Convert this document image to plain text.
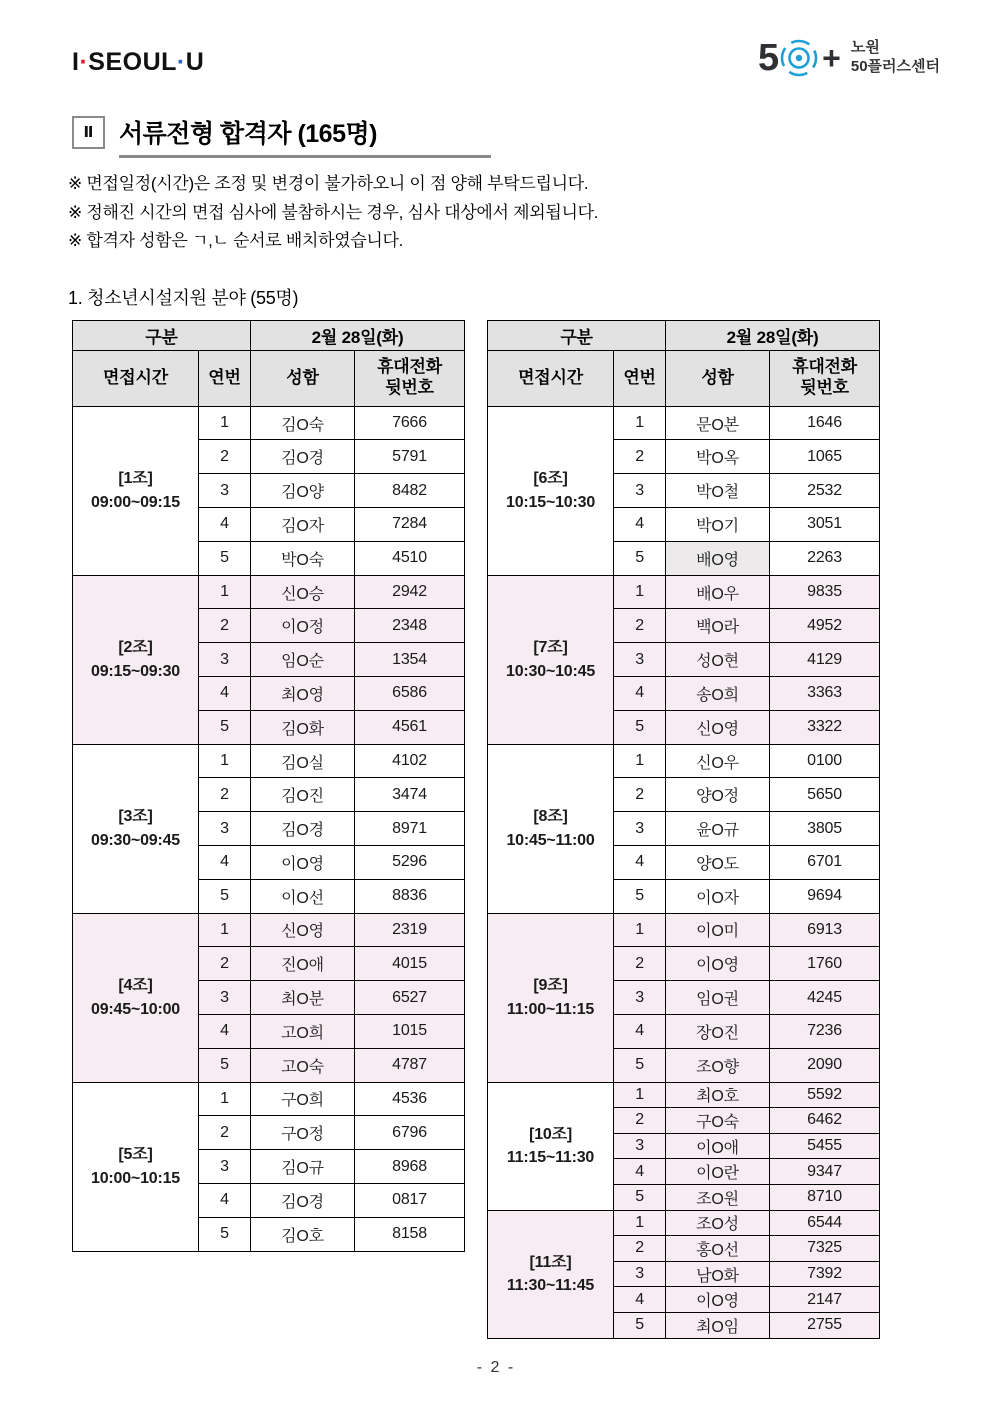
I·SEOUL·U	5 + 노원
50플러스센터
Ⅱ	서류전형 합격자 (165명)
※ 면접일정(시간)은 조정 및 변경이 불가하오니 이 점 양해 부탁드립니다.
※ 정해진 시간의 면접 심사에 불참하시는 경우, 심사 대상에서 제외됩니다.
※ 합격자 성함은 ㄱ,ㄴ 순서로 배치하였습니다.
1. 청소년시설지원 분야 (55명)
구분		2월 28일(화)	
면접시간	연번	성함	휴대전화
뒷번호

[1조]
09:00~09:15	1	김O숙	7666
	2	김O경	5791
	3	김O양	8482
	4	김O자	7284
	5	박O숙	4510

[2조]
09:15~09:30	1	신O승	2942
	2	이O정	2348
	3	임O순	1354
	4	최O영	6586
	5	김O화	4561

[3조]
09:30~09:45	1	김O실	4102
	2	김O진	3474
	3	김O경	8971
	4	이O영	5296
	5	이O선	8836

[4조]
09:45~10:00	1	신O영	2319
	2	진O애	4015
	3	최O분	6527
	4	고O희	1015
	5	고O숙	4787

[5조]
10:00~10:15	1	구O희	4536
	2	구O정	6796
	3	김O규	8968
	4	김O경	0817
	5	김O호	8158
구분		2월 28일(화)	
면접시간	연번	성함	휴대전화
뒷번호

[6조]
10:15~10:30	1	문O본	1646
	2	박O옥	1065
	3	박O철	2532
	4	박O기	3051
	5	배O영	2263

[7조]
10:30~10:45	1	배O우	9835
	2	백O라	4952
	3	성O현	4129
	4	송O희	3363
	5	신O영	3322

[8조]
10:45~11:00	1	신O우	0100
	2	양O정	5650
	3	윤O규	3805
	4	양O도	6701
	5	이O자	9694

[9조]
11:00~11:15	1	이O미	6913
	2	이O영	1760
	3	임O권	4245
	4	장O진	7236
	5	조O향	2090

[10조]
11:15~11:30	1	최O호	5592
	2	구O숙	6462
	3	이O애	5455
	4	이O란	9347
	5	조O원	8710

[11조]
11:30~11:45	1	조O성	6544
	2	홍O선	7325
	3	남O화	7392
	4	이O영	2147
	5	최O임	2755
- 2 -
